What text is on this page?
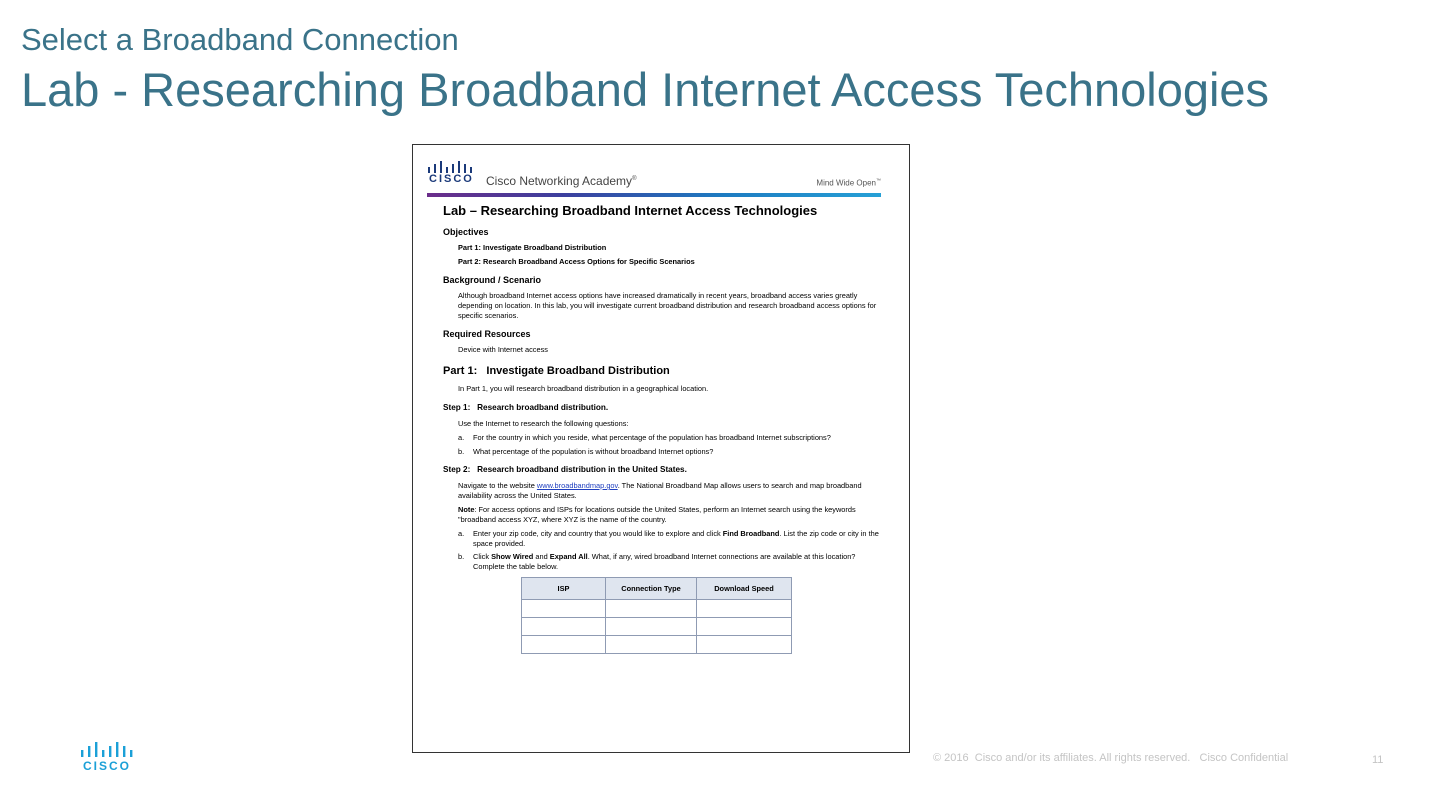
Select a Broadband Connection
Lab - Researching Broadband Internet Access Technologies
CISCO Cisco Networking Academy®	Mind Wide Open™
Lab – Researching Broadband Internet Access Technologies
Objectives
Part 1: Investigate Broadband Distribution
Part 2: Research Broadband Access Options for Specific Scenarios
Background / Scenario
Although broadband Internet access options have increased dramatically in recent years, broadband access varies greatly depending on location. In this lab, you will investigate current broadband distribution and research broadband access options for specific scenarios.
Required Resources
Device with Internet access
Part 1:   Investigate Broadband Distribution
In Part 1, you will research broadband distribution in a geographical location.
Step 1:   Research broadband distribution.
Use the Internet to research the following questions:
a. For the country in which you reside, what percentage of the population has broadband Internet subscriptions?
b. What percentage of the population is without broadband Internet options?
Step 2:   Research broadband distribution in the United States.
Navigate to the website www.broadbandmap.gov. The National Broadband Map allows users to search and map broadband availability across the United States.
Note: For access options and ISPs for locations outside the United States, perform an Internet search using the keywords "broadband access XYZ, where XYZ is the name of the country.
a. Enter your zip code, city and country that you would like to explore and click Find Broadband. List the zip code or city in the space provided.
b. Click Show Wired and Expand All. What, if any, wired broadband Internet connections are available at this location? Complete the table below.
ISP	Connection Type	Download Speed

CISCO
© 2016  Cisco and/or its affiliates. All rights reserved.   Cisco Confidential	11
